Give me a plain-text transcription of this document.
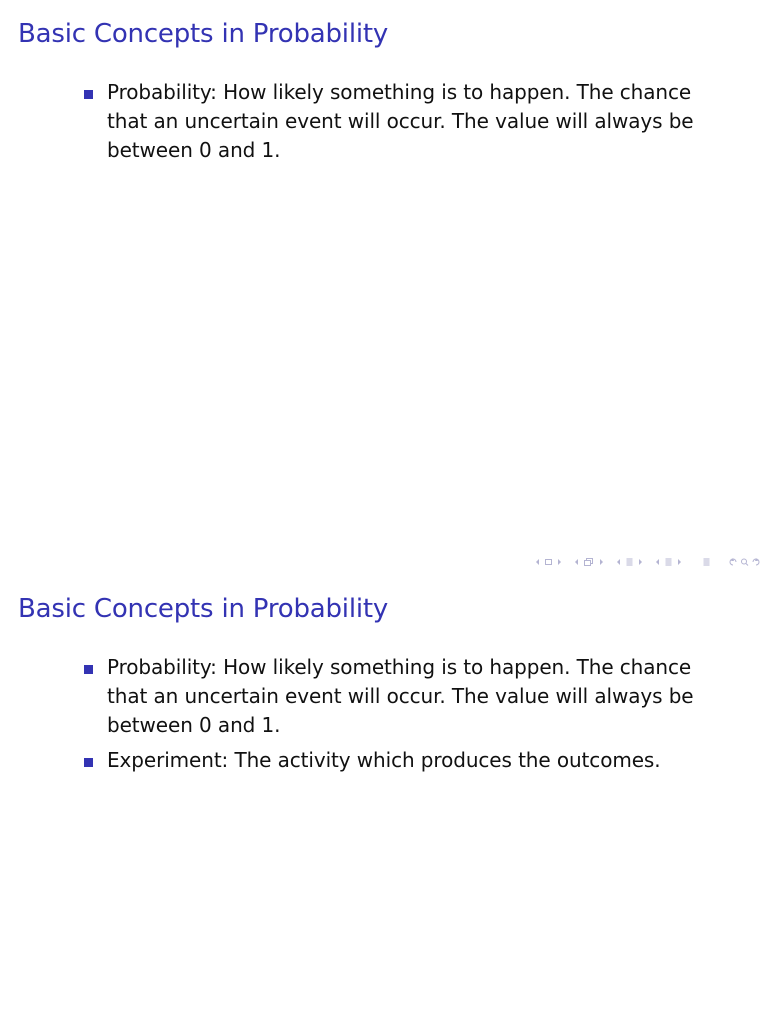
Basic Concepts in Probability
Probability: How likely something is to happen. The chance that an uncertain event will occur. The value will always be between 0 and 1.
Basic Concepts in Probability
Probability: How likely something is to happen. The chance that an uncertain event will occur. The value will always be between 0 and 1.
Experiment: The activity which produces the outcomes.
